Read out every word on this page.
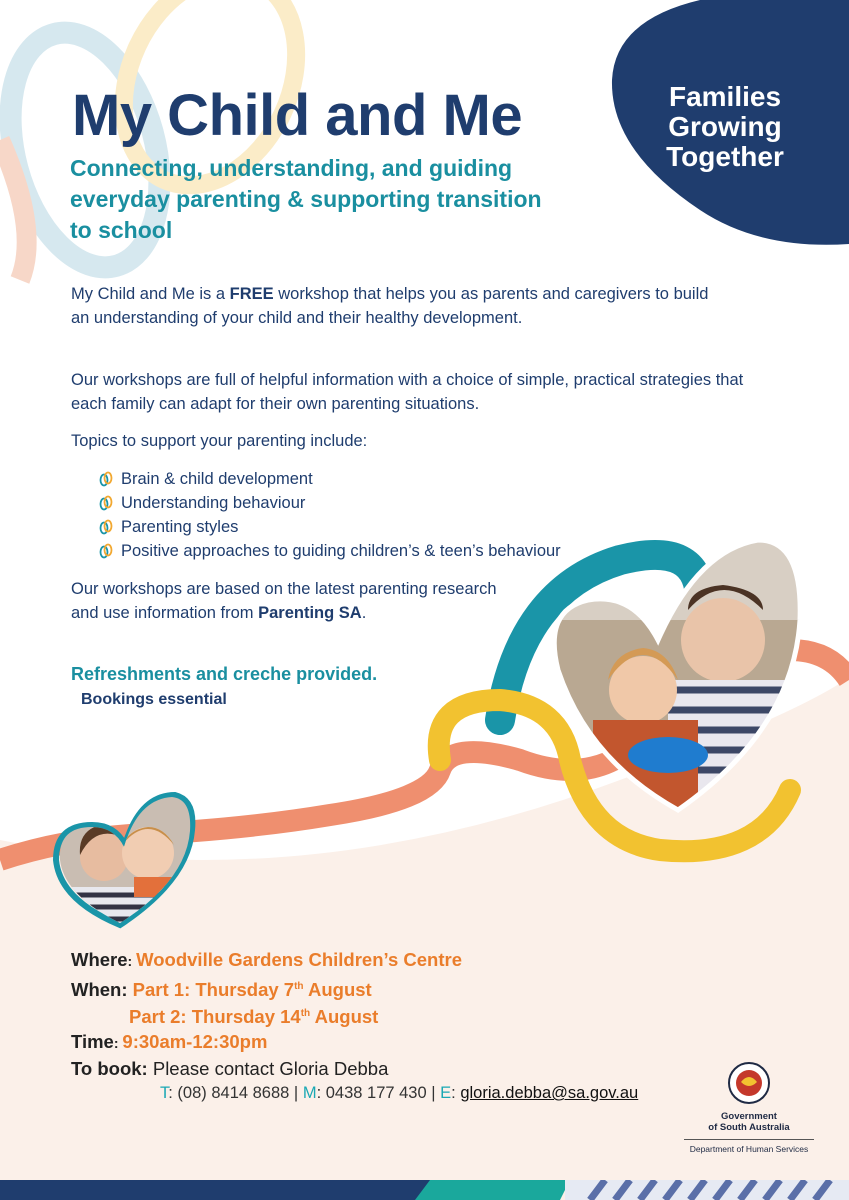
My Child and Me
Connecting, understanding, and guiding
everyday parenting & supporting transition
to school
Families
Growing
Together
My Child and Me is a FREE workshop that helps you as parents and caregivers to build an understanding of your child and their healthy development.
Our workshops are full of helpful information with a choice of simple, practical strategies that each family can adapt for their own parenting situations.
Topics to support your parenting include:
Brain & child development
Understanding behaviour
Parenting styles
Positive approaches to guiding children’s & teen’s behaviour
Our workshops are based on the latest parenting research and use information from Parenting SA.
Refreshments and creche provided.
Bookings essential
Where: Woodville Gardens Children’s Centre
When: Part 1: Thursday 7th August
Part 2: Thursday 14th August
Time: 9:30am-12:30pm
To book: Please contact Gloria Debba
T: (08) 8414 8688 | M: 0438 177 430 | E: gloria.debba@sa.gov.au
Government
of South Australia
Department of Human Services
